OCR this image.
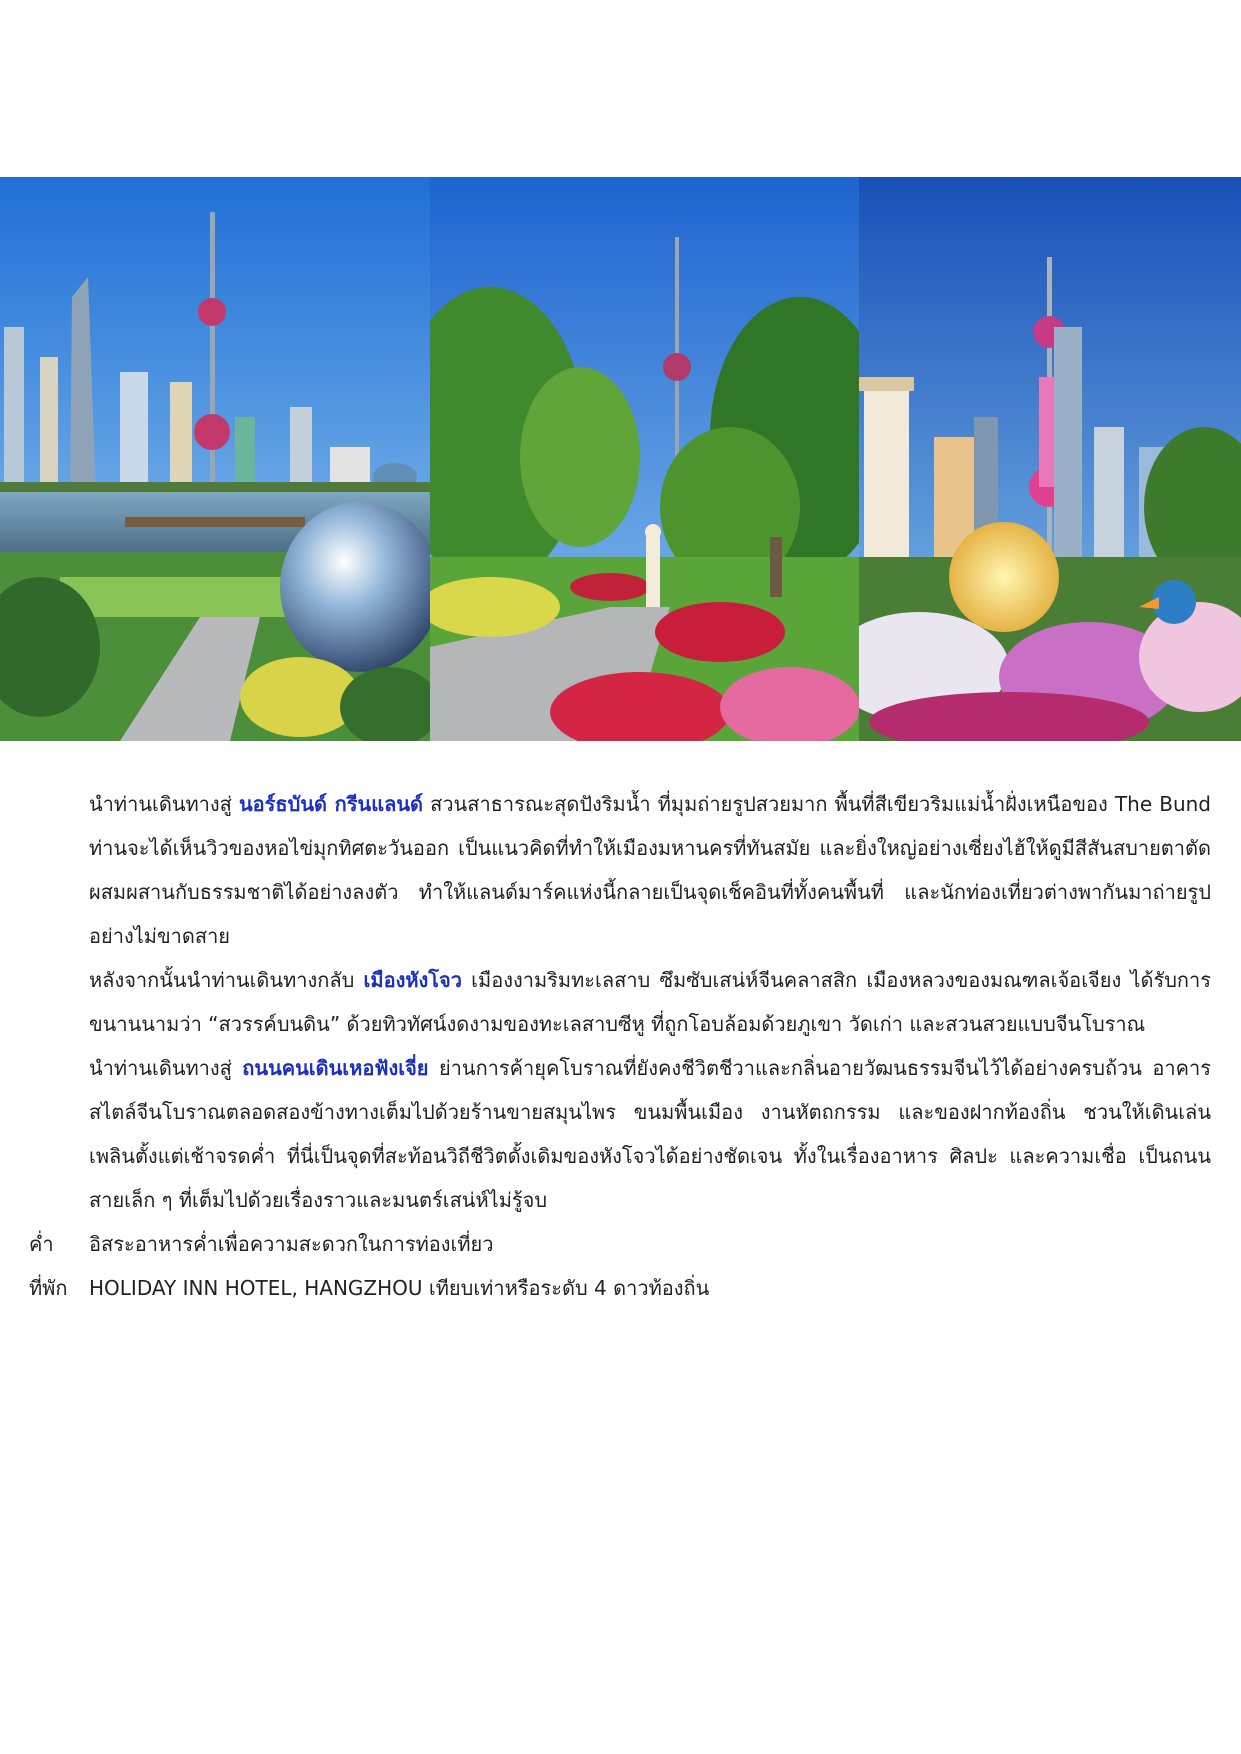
นำท่านเดินทางสู่ นอร์ธบันด์ กรีนแลนด์ สวนสาธารณะสุดปังริมน้ำ ที่มุมถ่ายรูปสวยมาก พื้นที่สีเขียวริมแม่น้ำฝั่งเหนือของ The Bund ท่านจะได้เห็นวิวของหอไข่มุกทิศตะวันออก เป็นแนวคิดที่ทำให้เมืองมหานครที่ทันสมัย และยิ่งใหญ่อย่างเซี่ยงไฮ้ให้ดูมีสีสันสบายตาตัดผสมผสานกับธรรมชาติได้อย่างลงตัว ทำให้แลนด์มาร์คแห่งนี้กลายเป็นจุดเช็คอินที่ทั้งคนพื้นที่ และนักท่องเที่ยวต่างพากันมาถ่ายรูปอย่างไม่ขาดสาย

หลังจากนั้นนำท่านเดินทางกลับ เมืองหังโจว เมืองงามริมทะเลสาบ ซึมซับเสน่ห์จีนคลาสสิก เมืองหลวงของมณฑลเจ้อเจียง ได้รับการขนานนามว่า “สวรรค์บนดิน” ด้วยทิวทัศน์งดงามของทะเลสาบซีหู ที่ถูกโอบล้อมด้วยภูเขา วัดเก่า และสวนสวยแบบจีนโบราณ

นำท่านเดินทางสู่ ถนนคนเดินเหอฟังเจี่ย ย่านการค้ายุคโบราณที่ยังคงชีวิตชีวาและกลิ่นอายวัฒนธรรมจีนไว้ได้อย่างครบถ้วน อาคารสไตล์จีนโบราณตลอดสองข้างทางเต็มไปด้วยร้านขายสมุนไพร ขนมพื้นเมือง งานหัตถกรรม และของฝากท้องถิ่น ชวนให้เดินเล่นเพลินตั้งแต่เช้าจรดค่ำ ที่นี่เป็นจุดที่สะท้อนวิถีชีวิตดั้งเดิมของหังโจวได้อย่างชัดเจน ทั้งในเรื่องอาหาร ศิลปะ และความเชื่อ เป็นถนนสายเล็ก ๆ ที่เต็มไปด้วยเรื่องราวและมนตร์เสน่ห์ไม่รู้จบ

ค่ำ	อิสระอาหารค่ำเพื่อความสะดวกในการท่องเที่ยว
ที่พัก	HOLIDAY INN HOTEL, HANGZHOU เทียบเท่าหรือระดับ 4 ดาวท้องถิ่น
